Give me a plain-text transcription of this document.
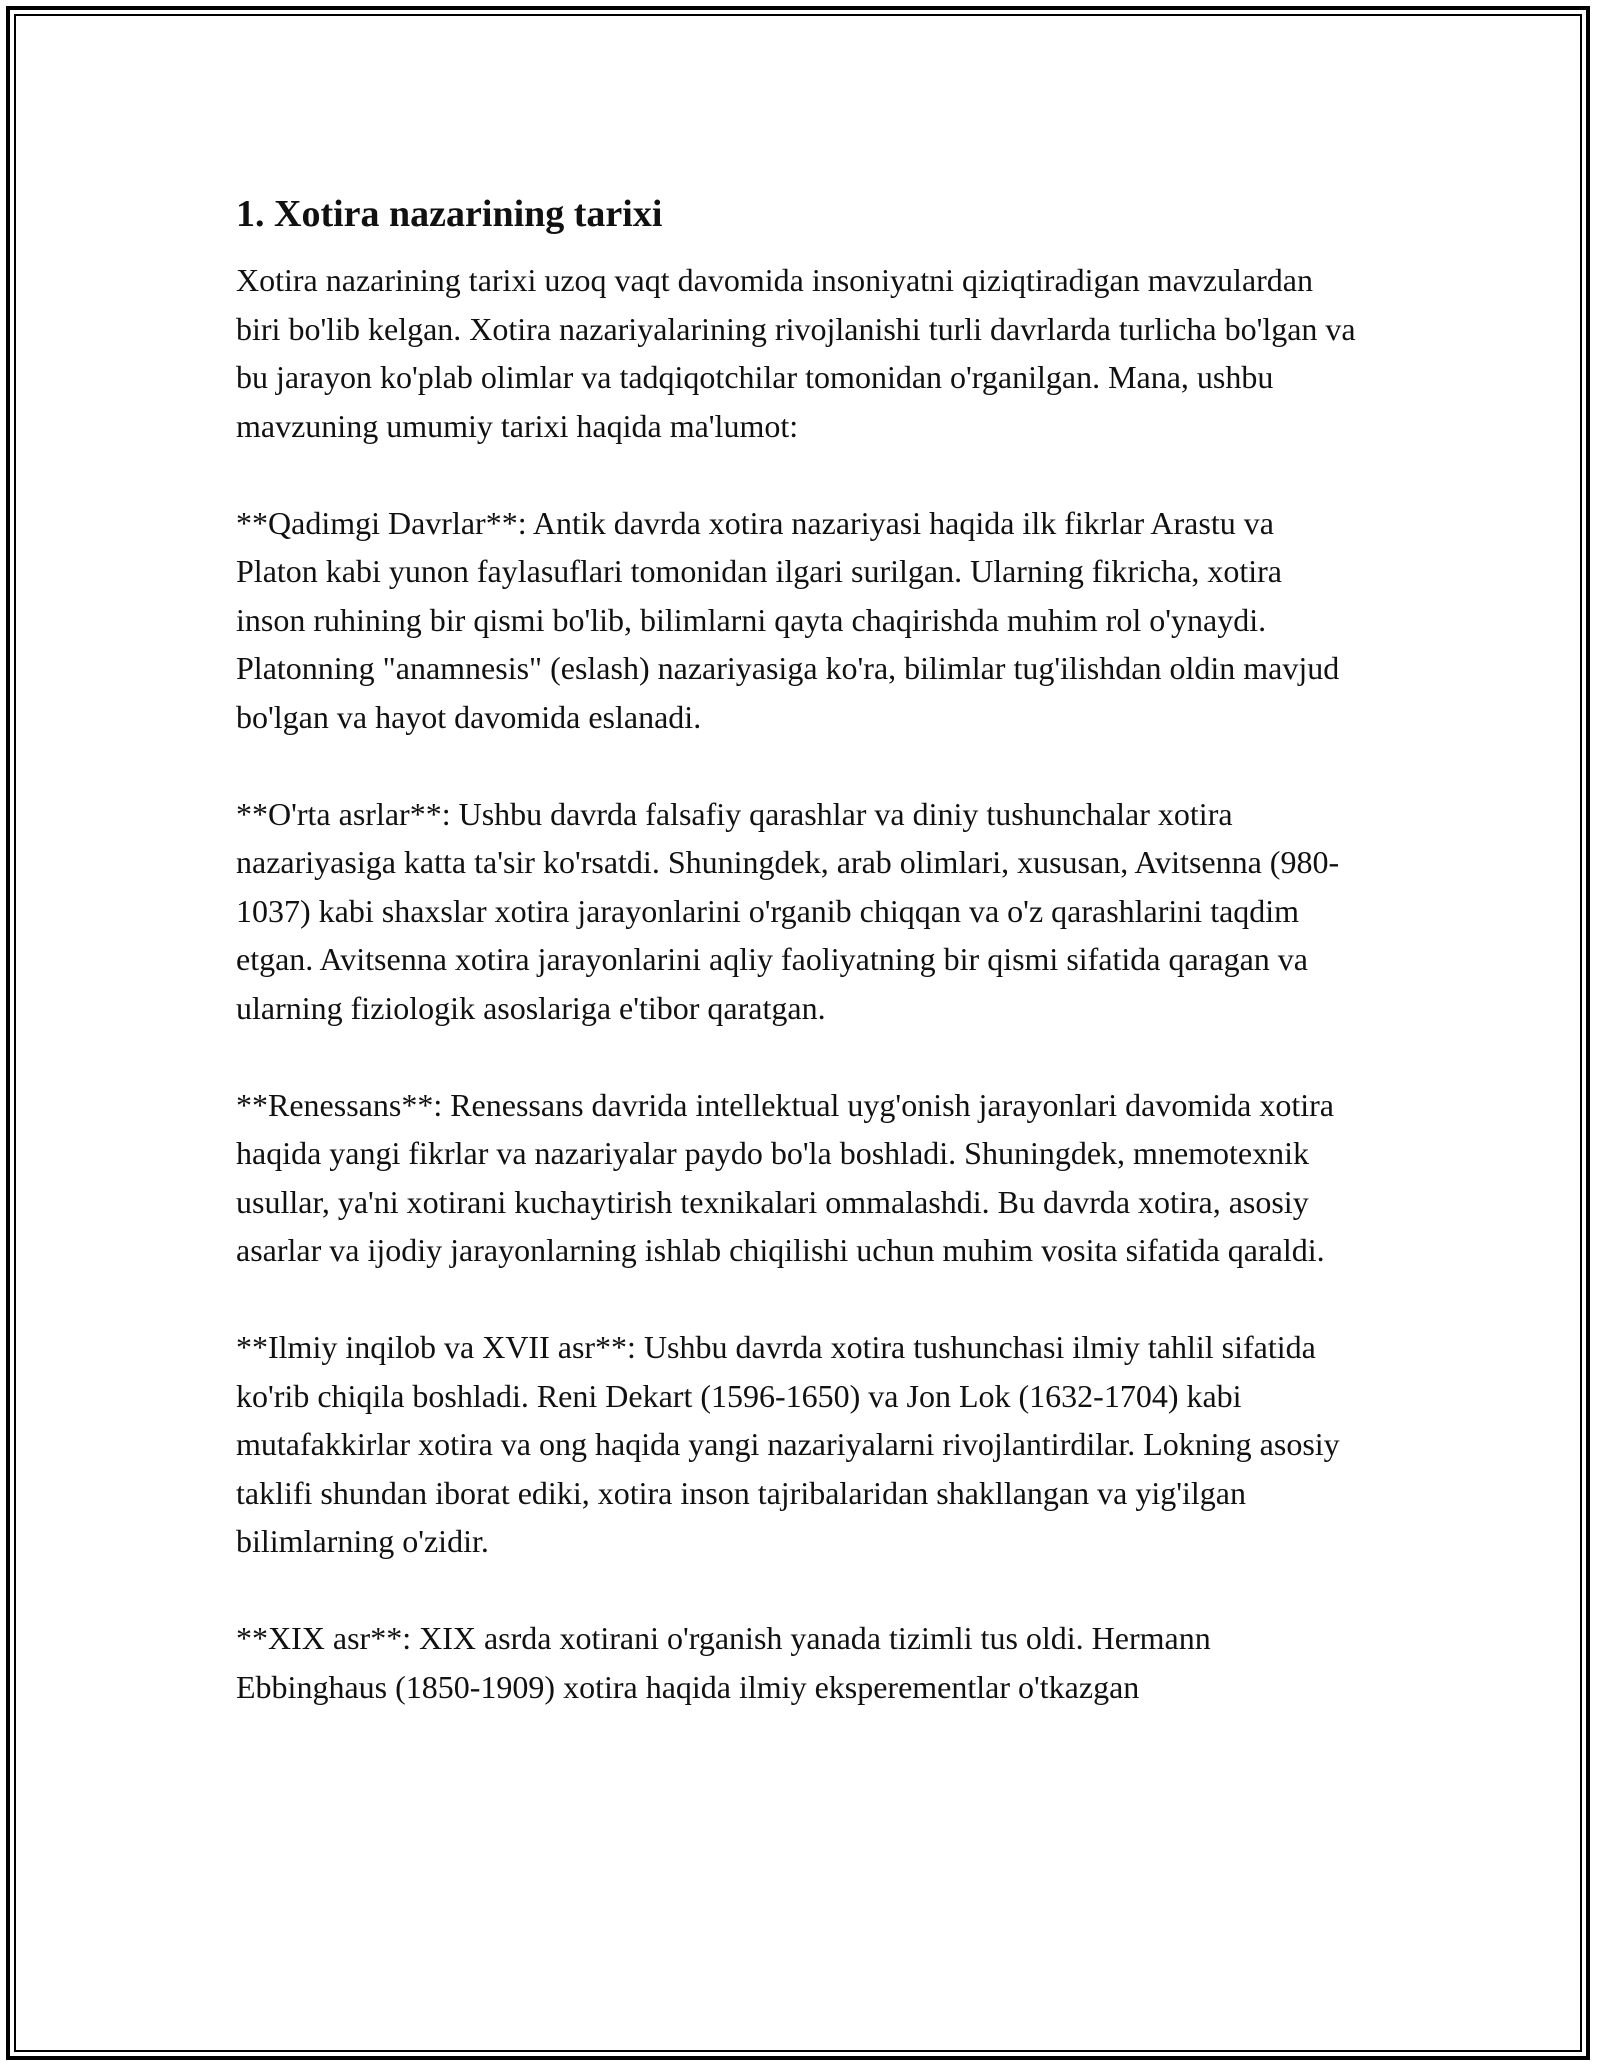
1. Xotira nazarining tarixi

Xotira nazarining tarixi uzoq vaqt davomida insoniyatni qiziqtiradigan mavzulardan biri bo'lib kelgan. Xotira nazariyalarining rivojlanishi turli davrlarda turlicha bo'lgan va bu jarayon ko'plab olimlar va tadqiqotchilar tomonidan o'rganilgan. Mana, ushbu mavzuning umumiy tarixi haqida ma'lumot:

**Qadimgi Davrlar**: Antik davrda xotira nazariyasi haqida ilk fikrlar Arastu va Platon kabi yunon faylasuflari tomonidan ilgari surilgan. Ularning fikricha, xotira inson ruhining bir qismi bo'lib, bilimlarni qayta chaqirishda muhim rol o'ynaydi. Platonning "anamnesis" (eslash) nazariyasiga ko'ra, bilimlar tug'ilishdan oldin mavjud bo'lgan va hayot davomida eslanadi.

**O'rta asrlar**: Ushbu davrda falsafiy qarashlar va diniy tushunchalar xotira nazariyasiga katta ta'sir ko'rsatdi. Shuningdek, arab olimlari, xususan, Avitsenna (980-1037) kabi shaxslar xotira jarayonlarini o'rganib chiqqan va o'z qarashlarini taqdim etgan. Avitsenna xotira jarayonlarini aqliy faoliyatning bir qismi sifatida qaragan va ularning fiziologik asoslariga e'tibor qaratgan.

**Renessans**: Renessans davrida intellektual uyg'onish jarayonlari davomida xotira haqida yangi fikrlar va nazariyalar paydo bo'la boshladi. Shuningdek, mnemotexnik usullar, ya'ni xotirani kuchaytirish texnikalari ommalashdi. Bu davrda xotira, asosiy asarlar va ijodiy jarayonlarning ishlab chiqilishi uchun muhim vosita sifatida qaraldi.

**Ilmiy inqilob va XVII asr**: Ushbu davrda xotira tushunchasi ilmiy tahlil sifatida ko'rib chiqila boshladi. Reni Dekart (1596-1650) va Jon Lok (1632-1704) kabi mutafakkirlar xotira va ong haqida yangi nazariyalarni rivojlantirdilar. Lokning asosiy taklifi shundan iborat ediki, xotira inson tajribalaridan shakllangan va yig'ilgan bilimlarning o'zidir.

**XIX asr**: XIX asrda xotirani o'rganish yanada tizimli tus oldi. Hermann Ebbinghaus (1850-1909) xotira haqida ilmiy eksperementlar o'tkazgan
